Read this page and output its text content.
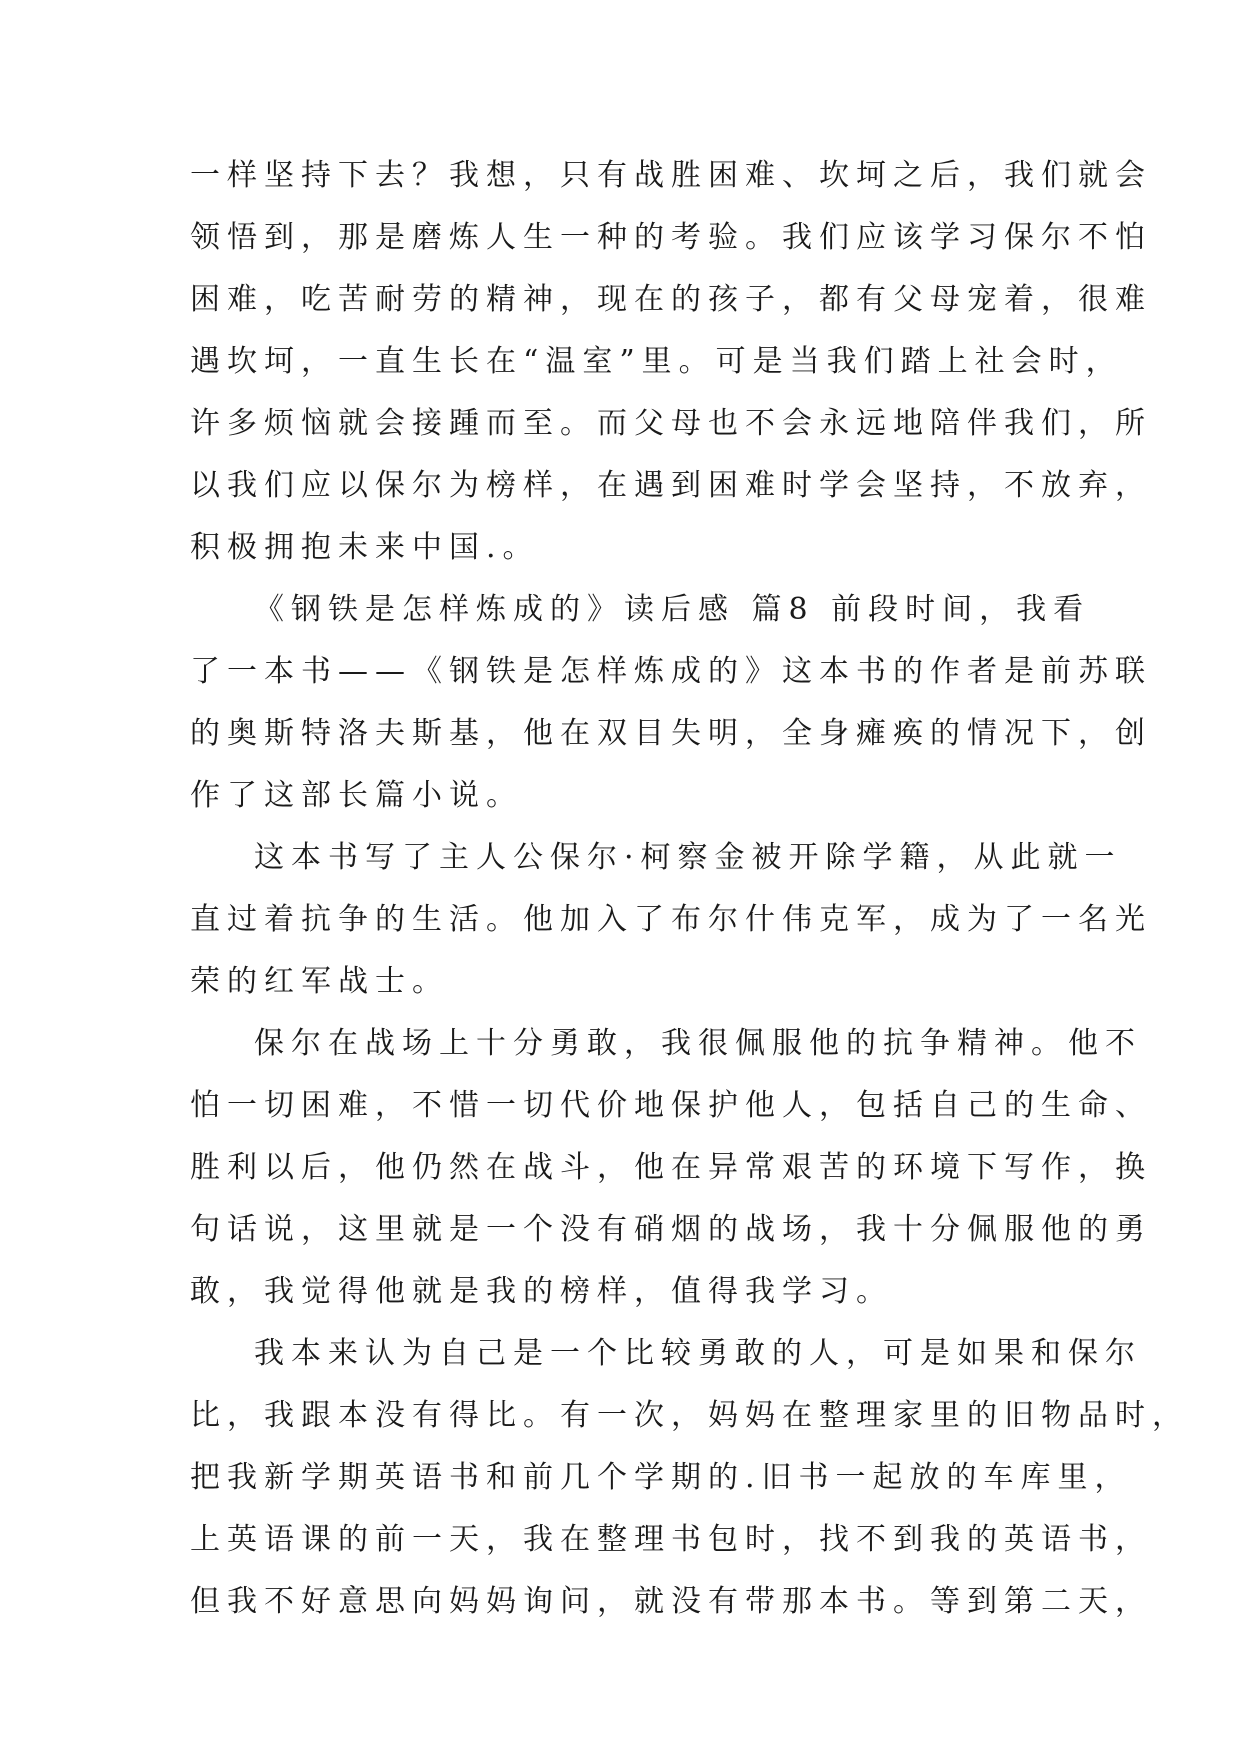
一样坚持下去？我想，只有战胜困难、坎坷之后，我们就会
领悟到，那是磨炼人生一种的考验。我们应该学习保尔不怕
困难，吃苦耐劳的精神，现在的孩子，都有父母宠着，很难
遇坎坷，一直生长在“温室”里。可是当我们踏上社会时，
许多烦恼就会接踵而至。而父母也不会永远地陪伴我们，所
以我们应以保尔为榜样，在遇到困难时学会坚持，不放弃，
积极拥抱未来中国.。
《钢铁是怎样炼成的》读后感 篇8 前段时间，我看
了一本书——《钢铁是怎样炼成的》这本书的作者是前苏联
的奥斯特洛夫斯基，他在双目失明，全身瘫痪的情况下，创
作了这部长篇小说。
这本书写了主人公保尔·柯察金被开除学籍，从此就一
直过着抗争的生活。他加入了布尔什伟克军，成为了一名光
荣的红军战士。
保尔在战场上十分勇敢，我很佩服他的抗争精神。他不
怕一切困难，不惜一切代价地保护他人，包括自己的生命、
胜利以后，他仍然在战斗，他在异常艰苦的环境下写作，换
句话说，这里就是一个没有硝烟的战场，我十分佩服他的勇
敢，我觉得他就是我的榜样，值得我学习。
我本来认为自己是一个比较勇敢的人，可是如果和保尔
比，我跟本没有得比。有一次，妈妈在整理家里的旧物品时，
把我新学期英语书和前几个学期的.旧书一起放的车库里，
上英语课的前一天，我在整理书包时，找不到我的英语书，
但我不好意思向妈妈询问，就没有带那本书。等到第二天，
